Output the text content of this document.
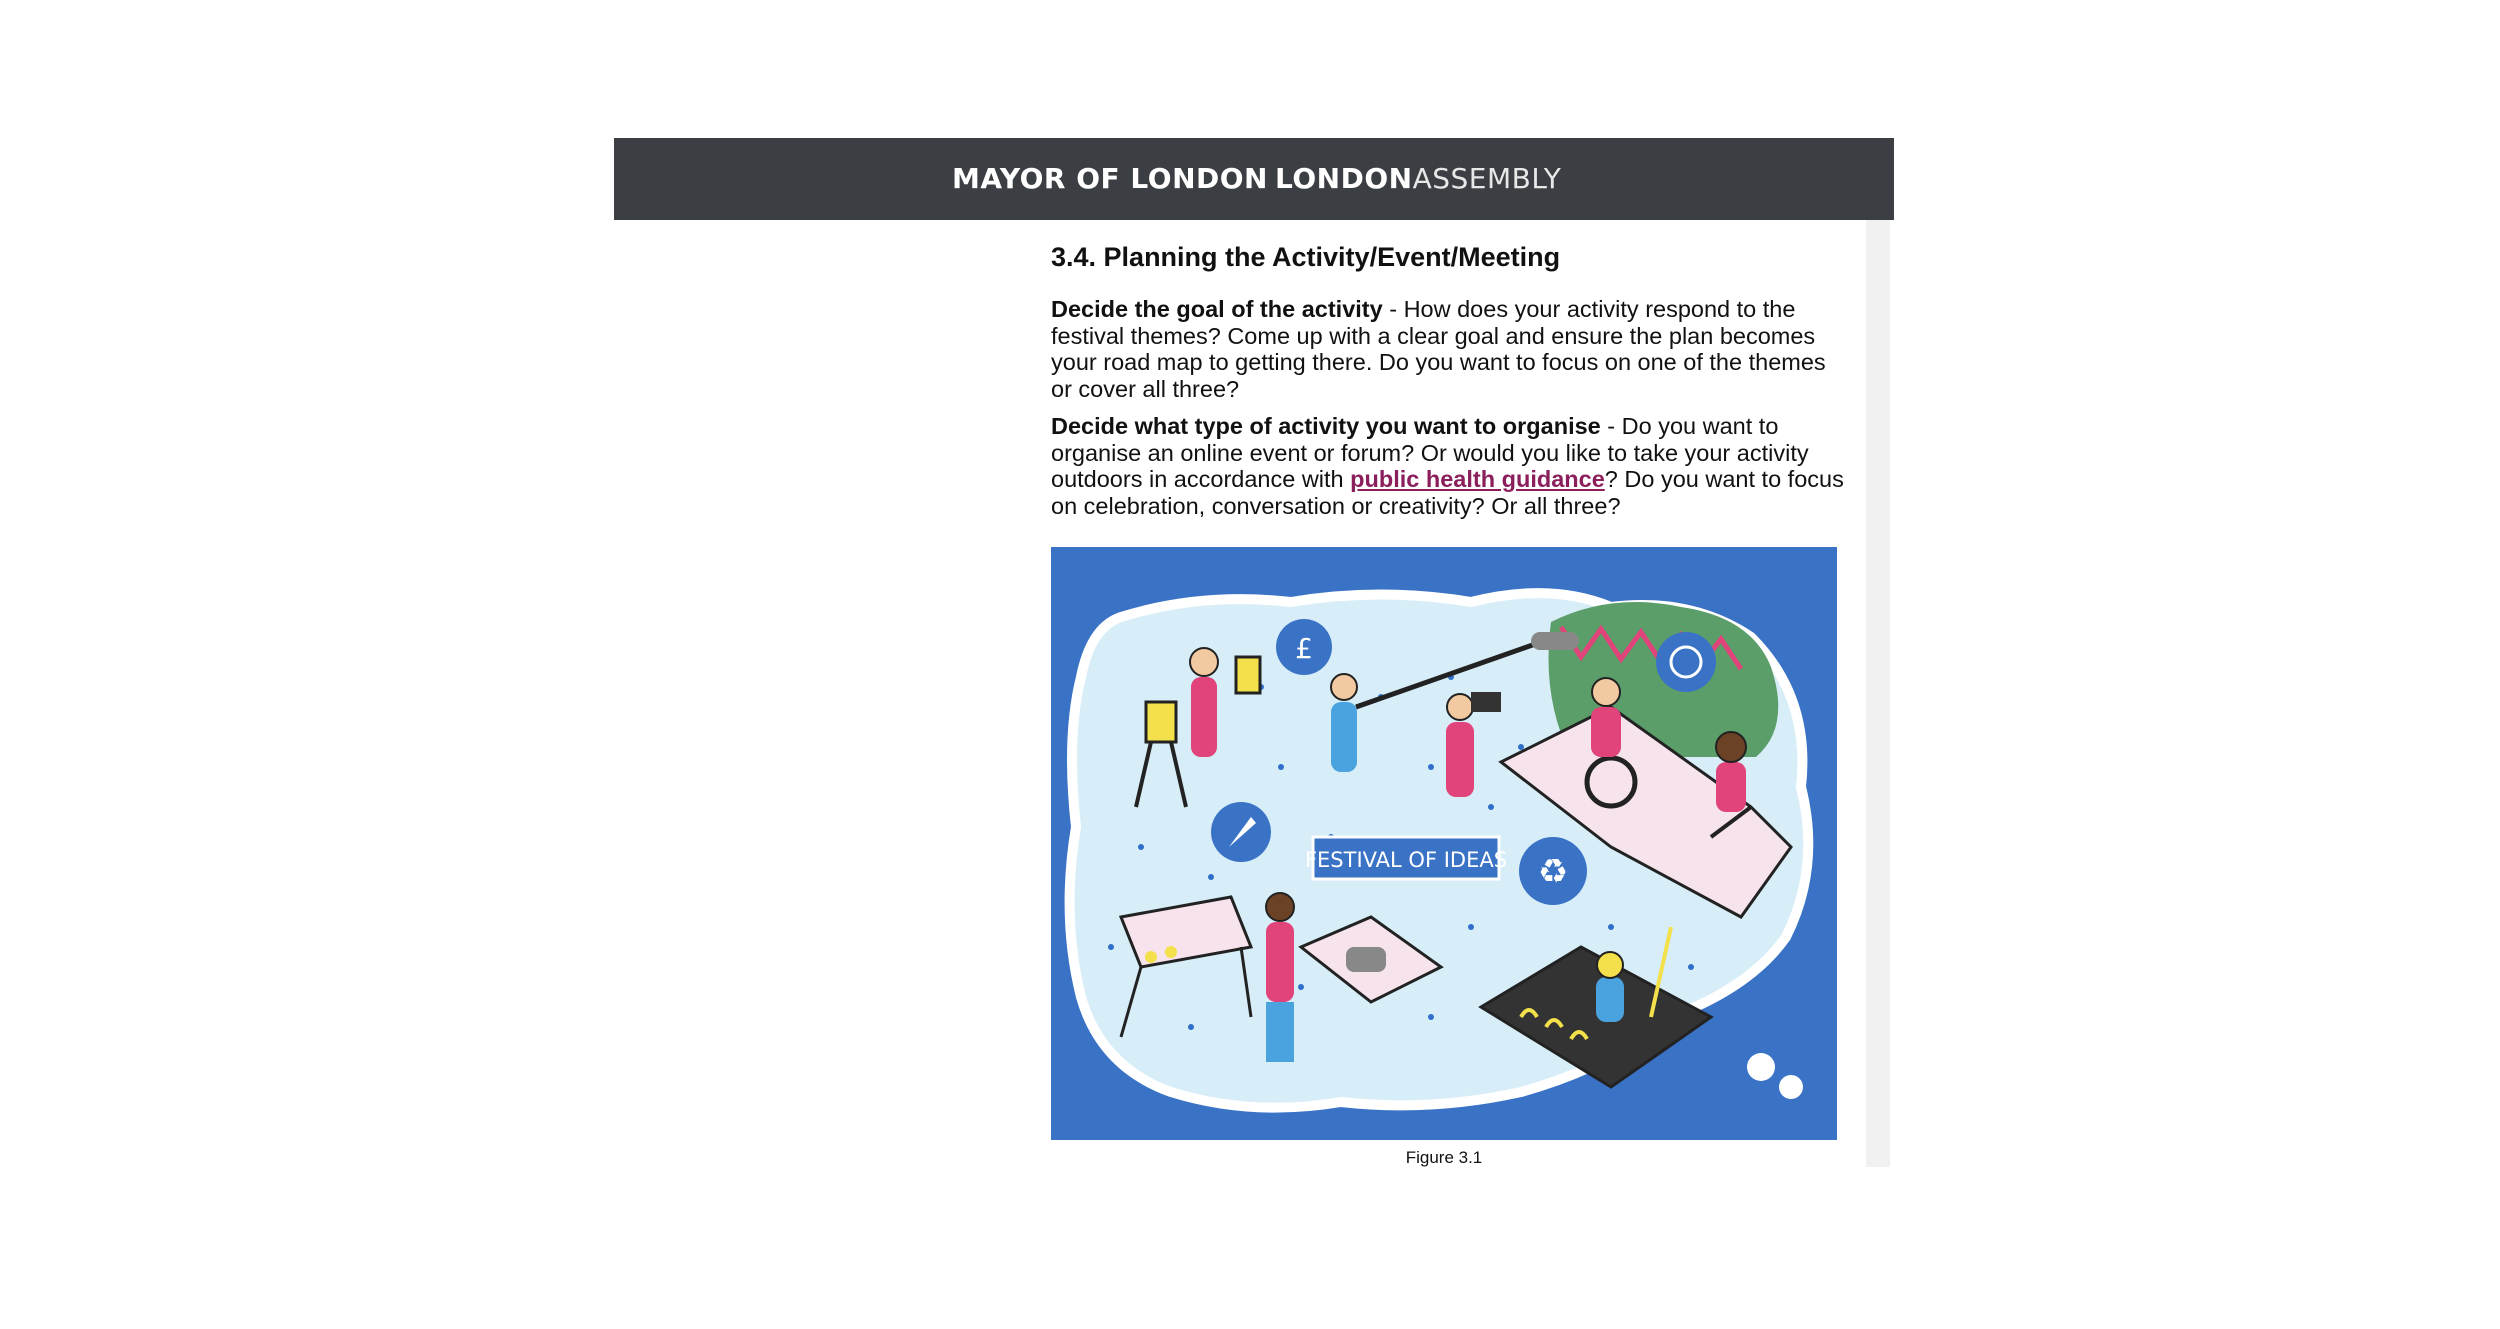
MAYOR OF LONDON LONDONASSEMBLY
3.4. Planning the Activity/Event/Meeting

Decide the goal of the activity - How does your activity respond to the festival themes? Come up with a clear goal and ensure the plan becomes your road map to getting there. Do you want to focus on one of the themes or cover all three?

Decide what type of activity you want to organise - Do you want to organise an online event or forum? Or would you like to take your activity outdoors in accordance with public health guidance? Do you want to focus on celebration, conversation or creativity? Or all three?

FESTIVAL OF IDEAS ♻
£
Figure 3.1
